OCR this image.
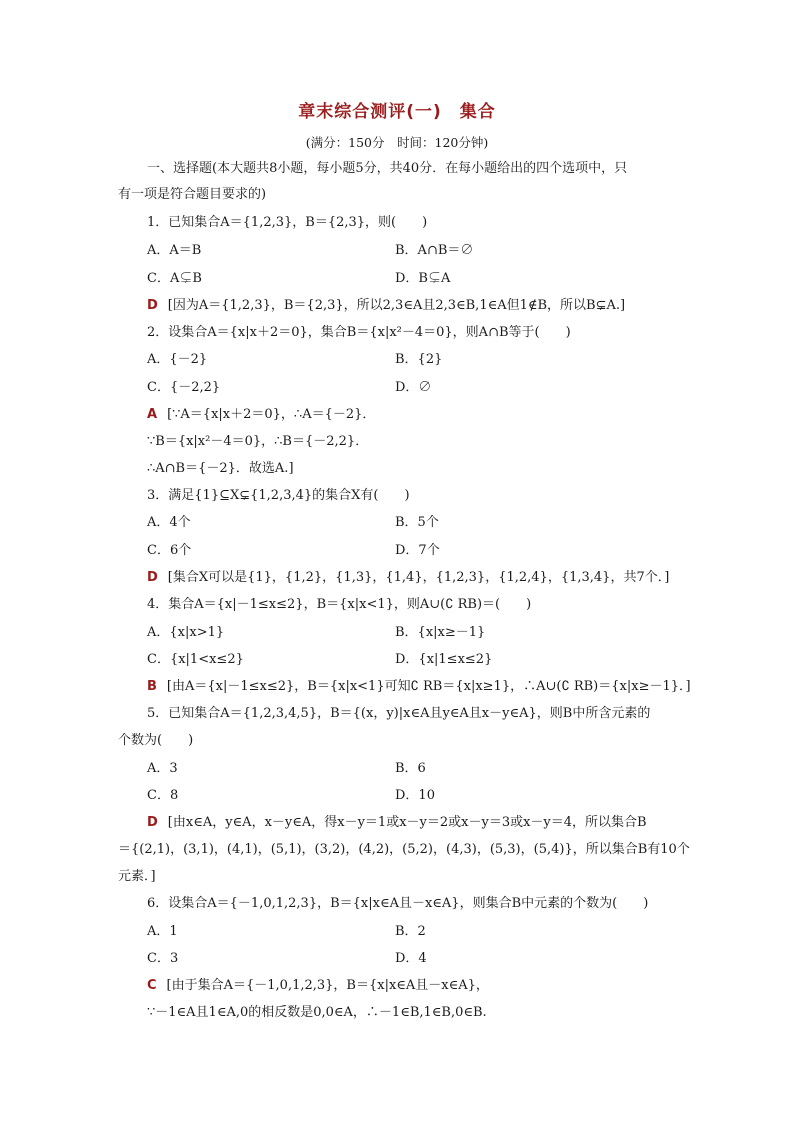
章末综合测评(一)　集合
(满分：150分　时间：120分钟)
一、选择题(本大题共8小题，每小题5分，共40分．在每小题给出的四个选项中，只
有一项是符合题目要求的)
1．已知集合A＝{1,2,3}，B＝{2,3}，则(　　)
A．A＝B	B．A∩B＝∅
C．A⊊B	D．B⊊A
D [因为A＝{1,2,3}，B＝{2,3}，所以2,3∈A且2,3∈B,1∈A但1∉B，所以B⊊A.]
2．设集合A＝{x|x＋2＝0}，集合B＝{x|x²－4＝0}，则A∩B等于(　　)
A．{－2}	B．{2}
C．{－2,2}	D．∅
A [∵A＝{x|x＋2＝0}，∴A＝{－2}．
∵B＝{x|x²－4＝0}，∴B＝{－2,2}．
∴A∩B＝{－2}．故选A.]
3．满足{1}⊆X⊊{1,2,3,4}的集合X有(　　)
A．4个	B．5个
C．6个	D．7个
D [集合X可以是{1}，{1,2}，{1,3}，{1,4}，{1,2,3}，{1,2,4}，{1,3,4}，共7个．]
4．集合A＝{x|－1≤x≤2}，B＝{x|x<1}，则A∪(∁ RB)＝(　　)
A．{x|x>1}	B．{x|x≥－1}
C．{x|1<x≤2}	D．{x|1≤x≤2}
B [由A＝{x|－1≤x≤2}，B＝{x|x<1}可知∁ RB＝{x|x≥1}，∴A∪(∁ RB)＝{x|x≥－1}．]
5．已知集合A＝{1,2,3,4,5}，B＝{(x，y)|x∈A且y∈A且x－y∈A}，则B中所含元素的
个数为(　　)
A．3	B．6
C．8	D．10
D [由x∈A，y∈A，x－y∈A，得x－y＝1或x－y＝2或x－y＝3或x－y＝4，所以集合B
＝{(2,1)，(3,1)，(4,1)，(5,1)，(3,2)，(4,2)，(5,2)，(4,3)，(5,3)，(5,4)}，所以集合B有10个
元素．]
6．设集合A＝{－1,0,1,2,3}，B＝{x|x∈A且－x∈A}，则集合B中元素的个数为(　　)
A．1	B．2
C．3	D．4
C [由于集合A＝{－1,0,1,2,3}，B＝{x|x∈A且－x∈A}，
∵－1∈A且1∈A,0的相反数是0,0∈A，∴－1∈B,1∈B,0∈B.
